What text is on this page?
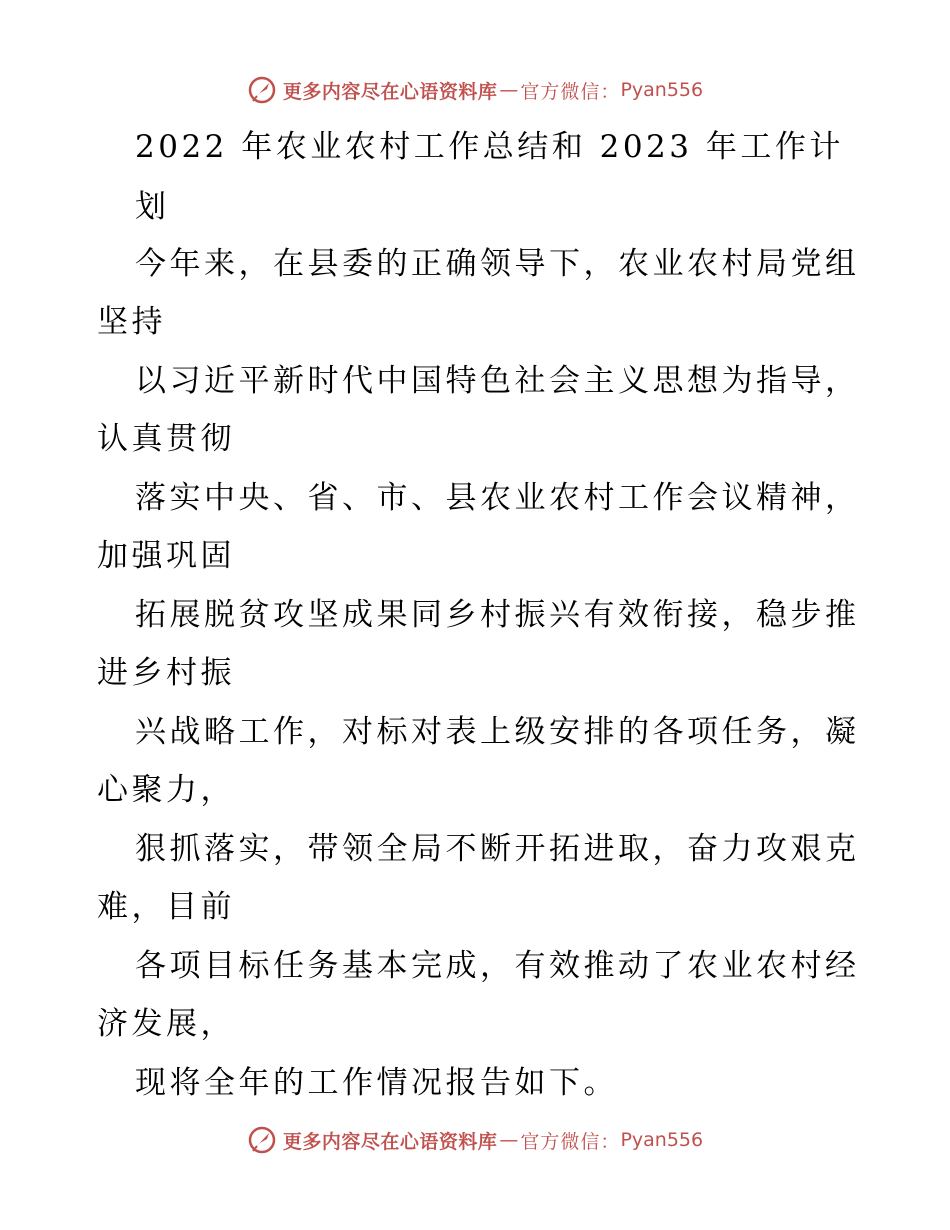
更多内容尽在心语资料库 — 官方微信： Pyan556
2022 年农业农村工作总结和 2023 年工作计
划
今年来，在县委的正确领导下，农业农村局党组
坚持
以习近平新时代中国特色社会主义思想为指导，
认真贯彻
落实中央、省、市、县农业农村工作会议精神，
加强巩固
拓展脱贫攻坚成果同乡村振兴有效衔接，稳步推
进乡村振
兴战略工作，对标对表上级安排的各项任务，凝
心聚力，
狠抓落实，带领全局不断开拓进取，奋力攻艰克
难，目前
各项目标任务基本完成，有效推动了农业农村经
济发展，
现将全年的工作情况报告如下。
更多内容尽在心语资料库 — 官方微信： Pyan556
